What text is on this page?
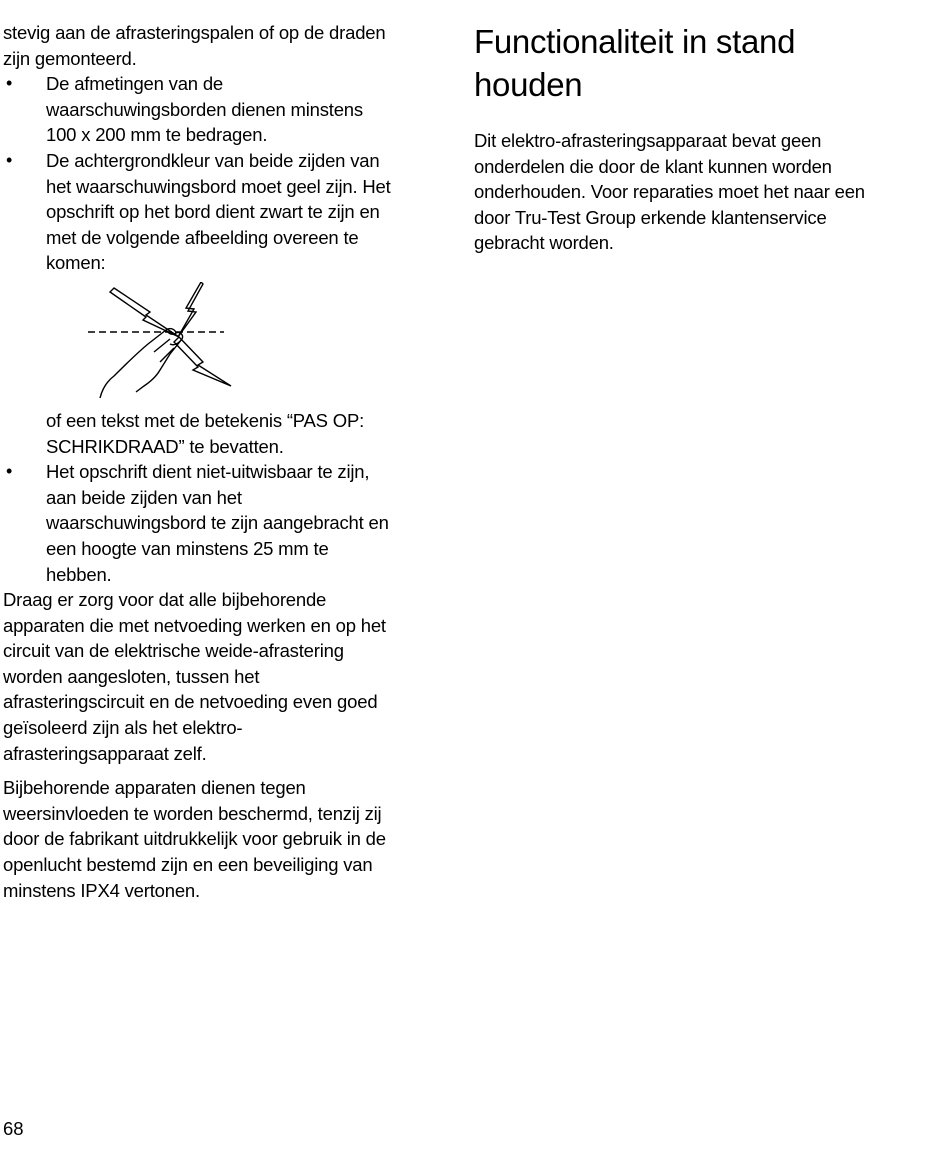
stevig aan de afrasteringspalen of op de draden zijn gemonteerd.

• De afmetingen van de waarschuwingsborden dienen minstens 100 x 200 mm te bedragen.
• De achtergrondkleur van beide zijden van het waarschuwingsbord moet geel zijn. Het opschrift op het bord dient zwart te zijn en met de volgende afbeelding overeen te komen:
of een tekst met de betekenis “PAS OP: SCHRIKDRAAD” te bevatten.
• Het opschrift dient niet-uitwisbaar te zijn, aan beide zijden van het waarschuwingsbord te zijn aangebracht en een hoogte van minstens 25 mm te hebben.

Draag er zorg voor dat alle bijbehorende apparaten die met netvoeding werken en op het circuit van de elektrische weide-afrastering worden aangesloten, tussen het afrasteringscircuit en de netvoeding even goed geïsoleerd zijn als het elektro-afrasteringsapparaat zelf.

Bijbehorende apparaten dienen tegen weersinvloeden te worden beschermd, tenzij zij door de fabrikant uitdrukkelijk voor gebruik in de openlucht bestemd zijn en een beveiliging van minstens IPX4 vertonen.

Functionaliteit in stand houden

Dit elektro-afrasteringsapparaat bevat geen onderdelen die door de klant kunnen worden onderhouden. Voor reparaties moet het naar een door Tru-Test Group erkende klantenservice gebracht worden.

68
